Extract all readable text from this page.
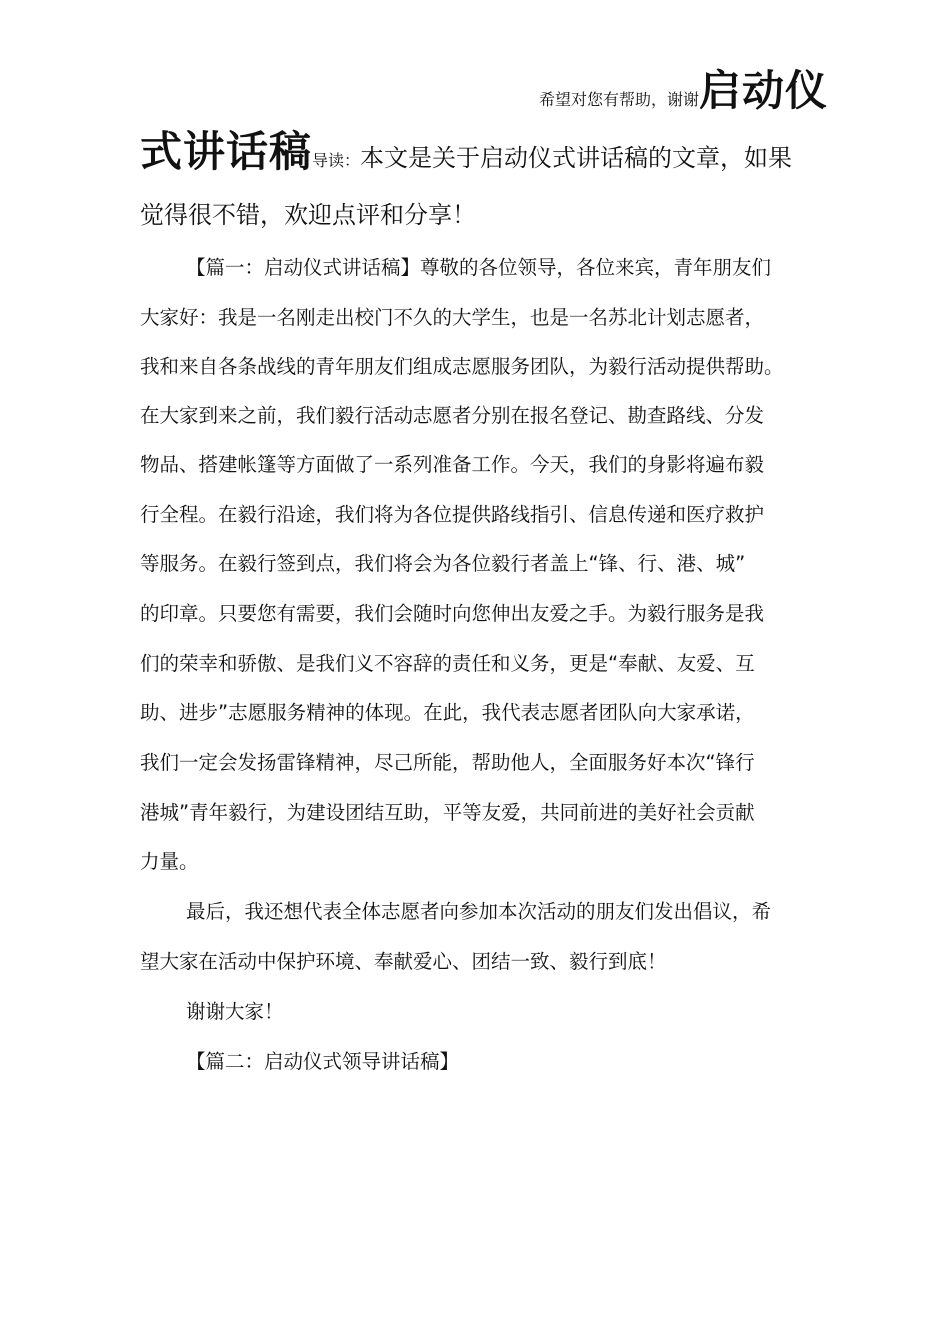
希望对您有帮助，谢谢启动仪
式讲话稿导读：本文是关于启动仪式讲话稿的文章，如果
觉得很不错，欢迎点评和分享！
【篇一：启动仪式讲话稿】尊敬的各位领导，各位来宾，青年朋友们
大家好：我是一名刚走出校门不久的大学生，也是一名苏北计划志愿者，
我和来自各条战线的青年朋友们组成志愿服务团队，为毅行活动提供帮助。
在大家到来之前，我们毅行活动志愿者分别在报名登记、勘查路线、分发
物品、搭建帐篷等方面做了一系列准备工作。今天，我们的身影将遍布毅
行全程。在毅行沿途，我们将为各位提供路线指引、信息传递和医疗救护
等服务。在毅行签到点，我们将会为各位毅行者盖上“锋、行、港、城”
的印章。只要您有需要，我们会随时向您伸出友爱之手。为毅行服务是我
们的荣幸和骄傲、是我们义不容辞的责任和义务，更是“奉献、友爱、互
助、进步”志愿服务精神的体现。在此，我代表志愿者团队向大家承诺，
我们一定会发扬雷锋精神，尽己所能，帮助他人，全面服务好本次“锋行
港城”青年毅行，为建设团结互助，平等友爱，共同前进的美好社会贡献
力量。
最后，我还想代表全体志愿者向参加本次活动的朋友们发出倡议，希
望大家在活动中保护环境、奉献爱心、团结一致、毅行到底！
谢谢大家！
【篇二：启动仪式领导讲话稿】
